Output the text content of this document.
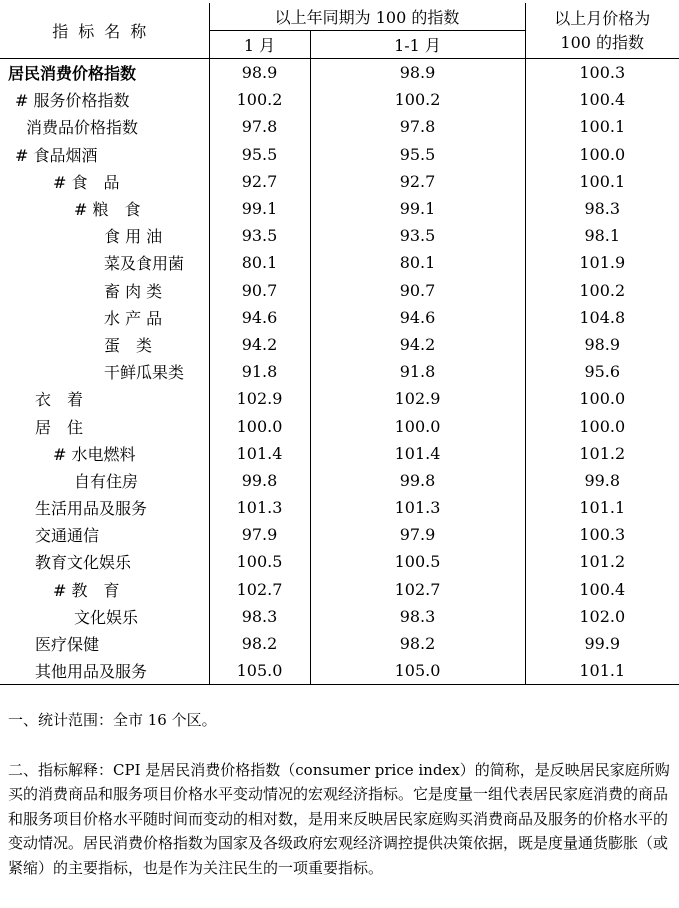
指标名称	以上年同期为 100 的指数		以上月价格为 100 的指数

	1 月	1-1 月	
居民消费价格指数	98.9	98.9	100.3
# 服务价格指数	100.2	100.2	100.4
消费品价格指数	97.8	97.8	100.1
# 食品烟酒	95.5	95.5	100.0
# 食　品	92.7	92.7	100.1
# 粮　食	99.1	99.1	98.3
食 用 油	93.5	93.5	98.1
菜及食用菌	80.1	80.1	101.9
畜 肉 类	90.7	90.7	100.2
水 产 品	94.6	94.6	104.8
蛋　类	94.2	94.2	98.9
干鲜瓜果类	91.8	91.8	95.6
衣　着	102.9	102.9	100.0
居　住	100.0	100.0	100.0
# 水电燃料	101.4	101.4	101.2
自有住房	99.8	99.8	99.8
生活用品及服务	101.3	101.3	101.1
交通通信	97.9	97.9	100.3
教育文化娱乐	100.5	100.5	101.2
# 教　育	102.7	102.7	100.4
文化娱乐	98.3	98.3	102.0
医疗保健	98.2	98.2	99.9
其他用品及服务	105.0	105.0	101.1

一、统计范围：全市 16 个区。

二、指标解释：CPI 是居民消费价格指数（consumer price index）的简称，是反映居民家庭所购买的消费商品和服务项目价格水平变动情况的宏观经济指标。它是度量一组代表居民家庭消费的商品和服务项目价格水平随时间而变动的相对数，是用来反映居民家庭购买消费商品及服务的价格水平的变动情况。居民消费价格指数为国家及各级政府宏观经济调控提供决策依据，既是度量通货膨胀（或紧缩）的主要指标，也是作为关注民生的一项重要指标。
